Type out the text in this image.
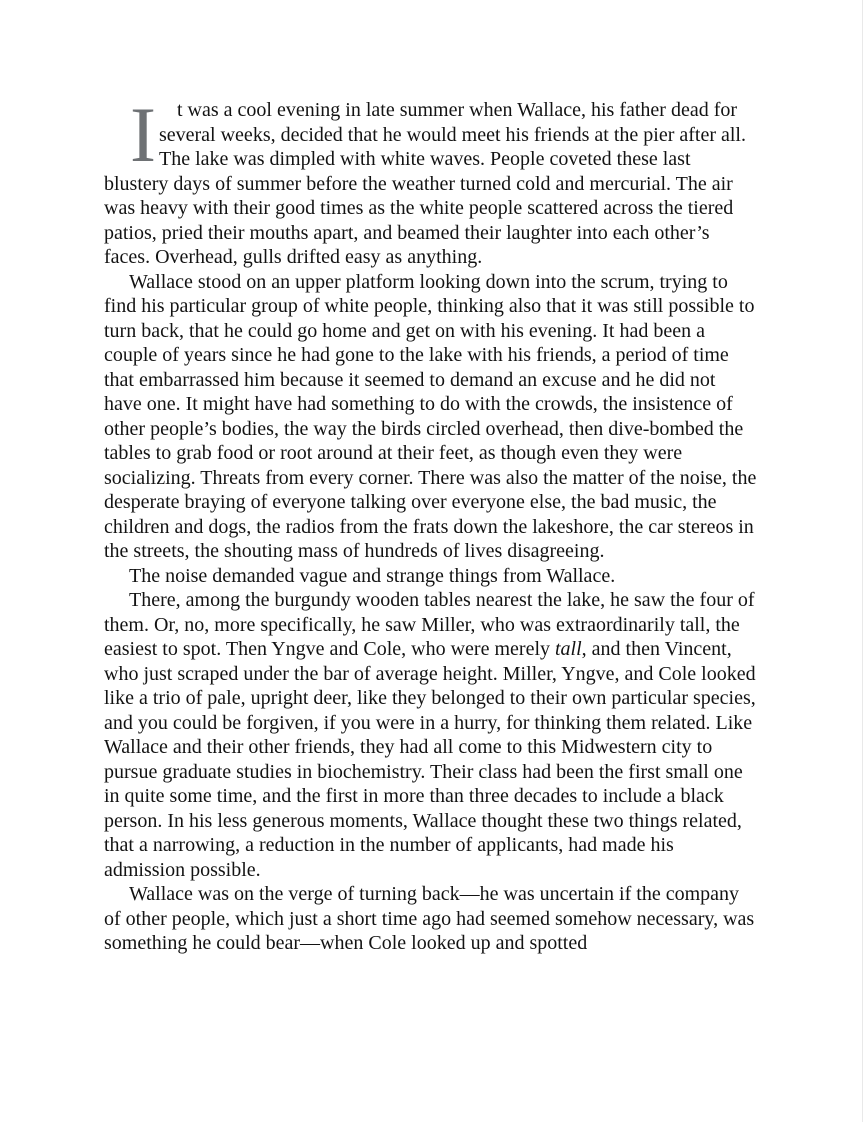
I t was a cool evening in late summer when Wallace, his father dead for several weeks, decided that he would meet his friends at the pier after all. The lake was dimpled with white waves. People coveted these last blustery days of summer before the weather turned cold and mercurial. The air was heavy with their good times as the white people scattered across the tiered patios, pried their mouths apart, and beamed their laughter into each other’s faces. Overhead, gulls drifted easy as anything.

Wallace stood on an upper platform looking down into the scrum, trying to find his particular group of white people, thinking also that it was still possible to turn back, that he could go home and get on with his evening. It had been a couple of years since he had gone to the lake with his friends, a period of time that embarrassed him because it seemed to demand an excuse and he did not have one. It might have had something to do with the crowds, the insistence of other people’s bodies, the way the birds circled overhead, then dive-bombed the tables to grab food or root around at their feet, as though even they were socializing. Threats from every corner. There was also the matter of the noise, the desperate braying of everyone talking over everyone else, the bad music, the children and dogs, the radios from the frats down the lakeshore, the car stereos in the streets, the shouting mass of hundreds of lives disagreeing.

The noise demanded vague and strange things from Wallace.

There, among the burgundy wooden tables nearest the lake, he saw the four of them. Or, no, more specifically, he saw Miller, who was extraordinarily tall, the easiest to spot. Then Yngve and Cole, who were merely tall, and then Vincent, who just scraped under the bar of average height. Miller, Yngve, and Cole looked like a trio of pale, upright deer, like they belonged to their own particular species, and you could be forgiven, if you were in a hurry, for thinking them related. Like Wallace and their other friends, they had all come to this Midwestern city to pursue graduate studies in biochemistry. Their class had been the first small one in quite some time, and the first in more than three decades to include a black person. In his less generous moments, Wallace thought these two things related, that a narrowing, a reduction in the number of applicants, had made his admission possible.

Wallace was on the verge of turning back—he was uncertain if the company of other people, which just a short time ago had seemed somehow necessary, was something he could bear—when Cole looked up and spotted
